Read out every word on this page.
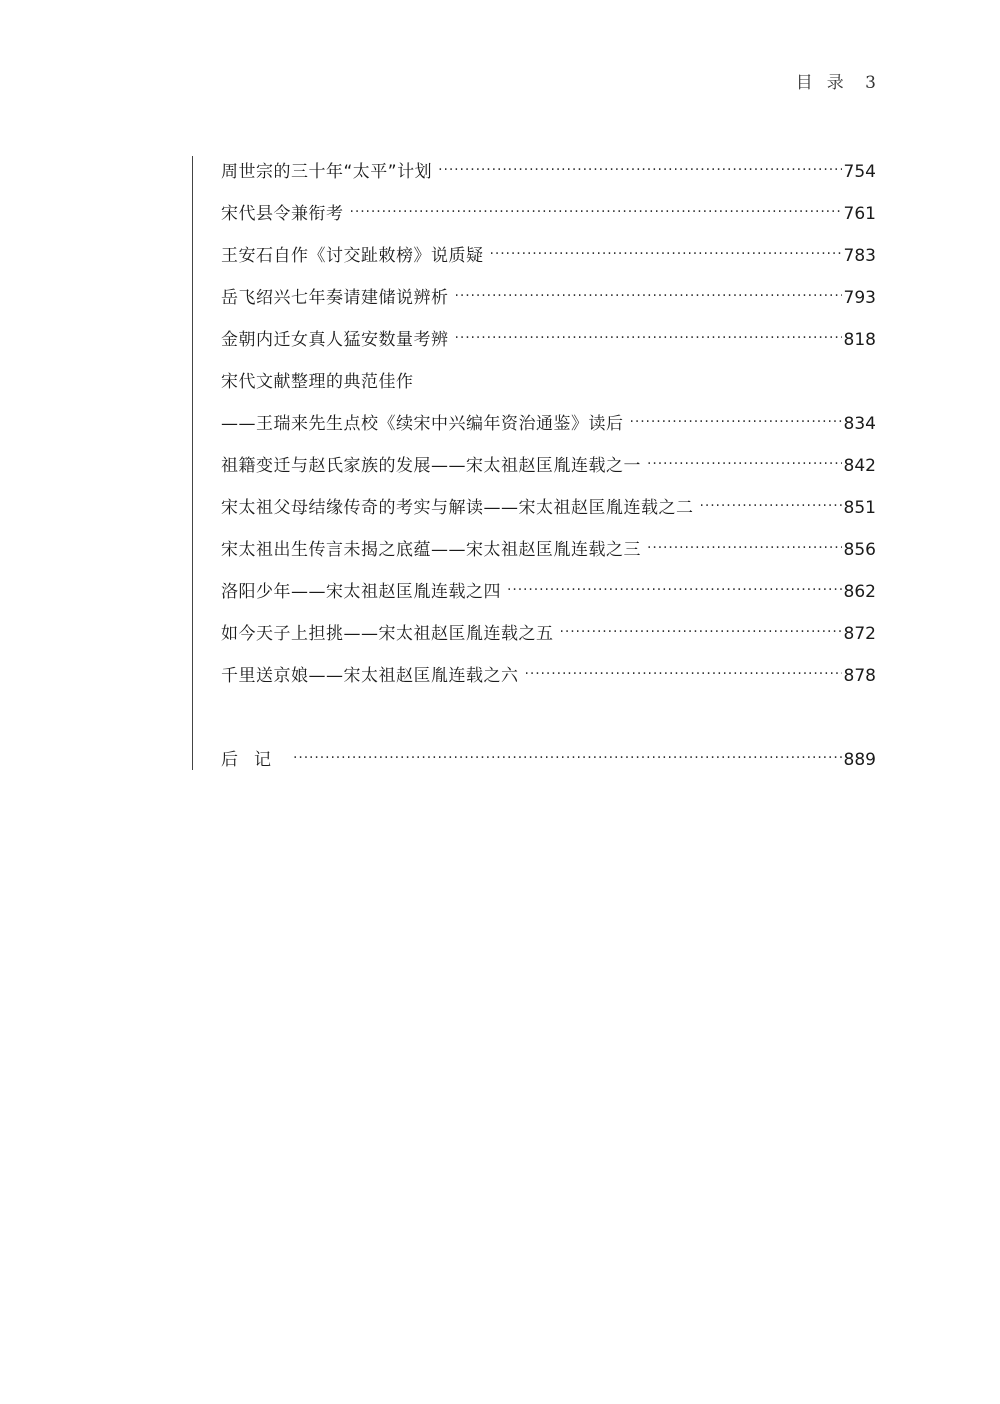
目录 3
周世宗的三十年“太平”计划 ·····	754
宋代县令兼衔考 ·····	761
王安石自作《讨交趾敕榜》说质疑 ·····	783
岳飞绍兴七年奏请建储说辨析 ·····	793
金朝内迁女真人猛安数量考辨 ·····	818
宋代文献整理的典范佳作
——王瑞来先生点校《续宋中兴编年资治通鉴》读后 ·····	834
祖籍变迁与赵氏家族的发展——宋太祖赵匡胤连载之一 ·····	842
宋太祖父母结缘传奇的考实与解读——宋太祖赵匡胤连载之二 ·····	851
宋太祖出生传言未揭之底蕴——宋太祖赵匡胤连载之三 ·····	856
洛阳少年——宋太祖赵匡胤连载之四 ·····	862
如今天子上担挑——宋太祖赵匡胤连载之五 ·····	872
千里送京娘——宋太祖赵匡胤连载之六 ·····	878
后记 ·····	889
